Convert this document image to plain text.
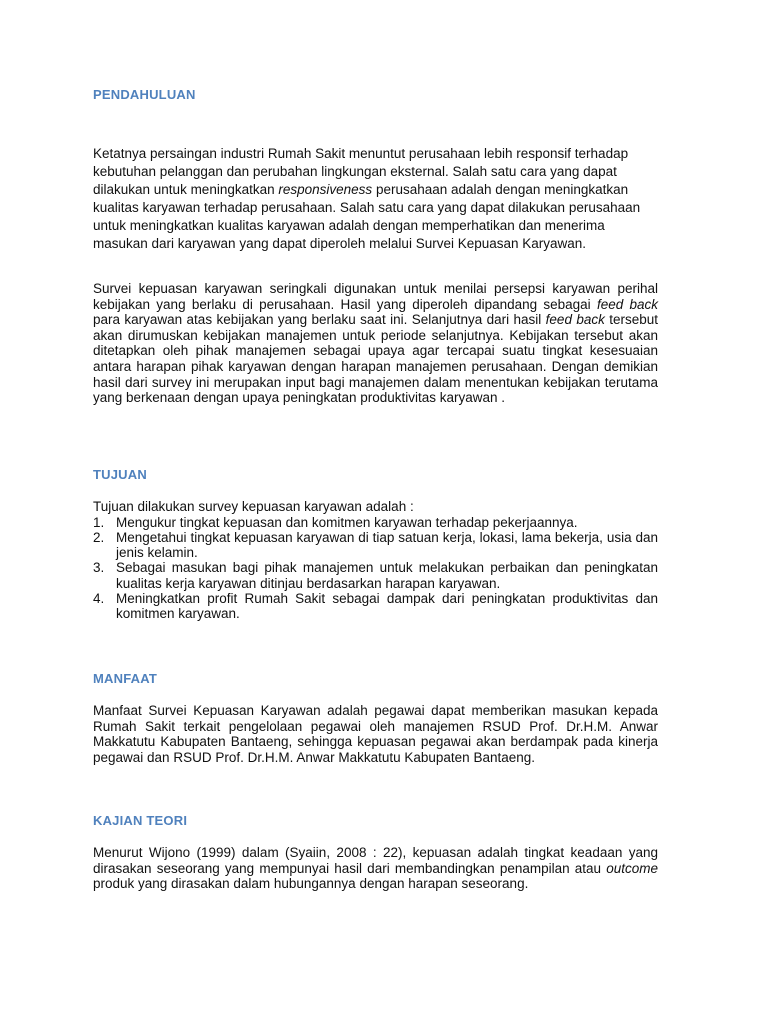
PENDAHULUAN

Ketatnya persaingan industri Rumah Sakit menuntut perusahaan lebih responsif terhadap kebutuhan pelanggan dan perubahan lingkungan eksternal. Salah satu cara yang dapat dilakukan untuk meningkatkan responsiveness perusahaan adalah dengan meningkatkan kualitas karyawan terhadap perusahaan. Salah satu cara yang dapat dilakukan perusahaan untuk meningkatkan kualitas karyawan adalah dengan memperhatikan dan menerima masukan dari karyawan yang dapat diperoleh melalui Survei Kepuasan Karyawan.

Survei kepuasan karyawan seringkali digunakan untuk menilai persepsi karyawan perihal kebijakan yang berlaku di perusahaan. Hasil yang diperoleh dipandang sebagai feed back para karyawan atas kebijakan yang berlaku saat ini. Selanjutnya dari hasil feed back tersebut akan dirumuskan kebijakan manajemen untuk periode selanjutnya. Kebijakan tersebut akan ditetapkan oleh pihak manajemen sebagai upaya agar tercapai suatu tingkat kesesuaian antara harapan pihak karyawan dengan harapan manajemen perusahaan. Dengan demikian hasil dari survey ini merupakan input bagi manajemen dalam menentukan kebijakan terutama yang berkenaan dengan upaya peningkatan produktivitas karyawan .

TUJUAN

Tujuan dilakukan survey kepuasan karyawan adalah :

1. Mengukur tingkat kepuasan dan komitmen karyawan terhadap pekerjaannya.
2. Mengetahui tingkat kepuasan karyawan di tiap satuan kerja, lokasi, lama bekerja, usia dan jenis kelamin.
3. Sebagai masukan bagi pihak manajemen untuk melakukan perbaikan dan peningkatan kualitas kerja karyawan ditinjau berdasarkan harapan karyawan.
4. Meningkatkan profit Rumah Sakit sebagai dampak dari peningkatan produktivitas dan komitmen karyawan.
MANFAAT

Manfaat Survei Kepuasan Karyawan adalah pegawai dapat memberikan masukan kepada Rumah Sakit terkait pengelolaan pegawai oleh manajemen RSUD Prof. Dr.H.M. Anwar Makkatutu Kabupaten Bantaeng, sehingga kepuasan pegawai akan berdampak pada kinerja pegawai dan RSUD Prof. Dr.H.M. Anwar Makkatutu Kabupaten Bantaeng.

KAJIAN TEORI

Menurut Wijono (1999) dalam (Syaiin, 2008 : 22), kepuasan adalah tingkat keadaan yang dirasakan seseorang yang mempunyai hasil dari membandingkan penampilan atau outcome produk yang dirasakan dalam hubungannya dengan harapan seseorang.
